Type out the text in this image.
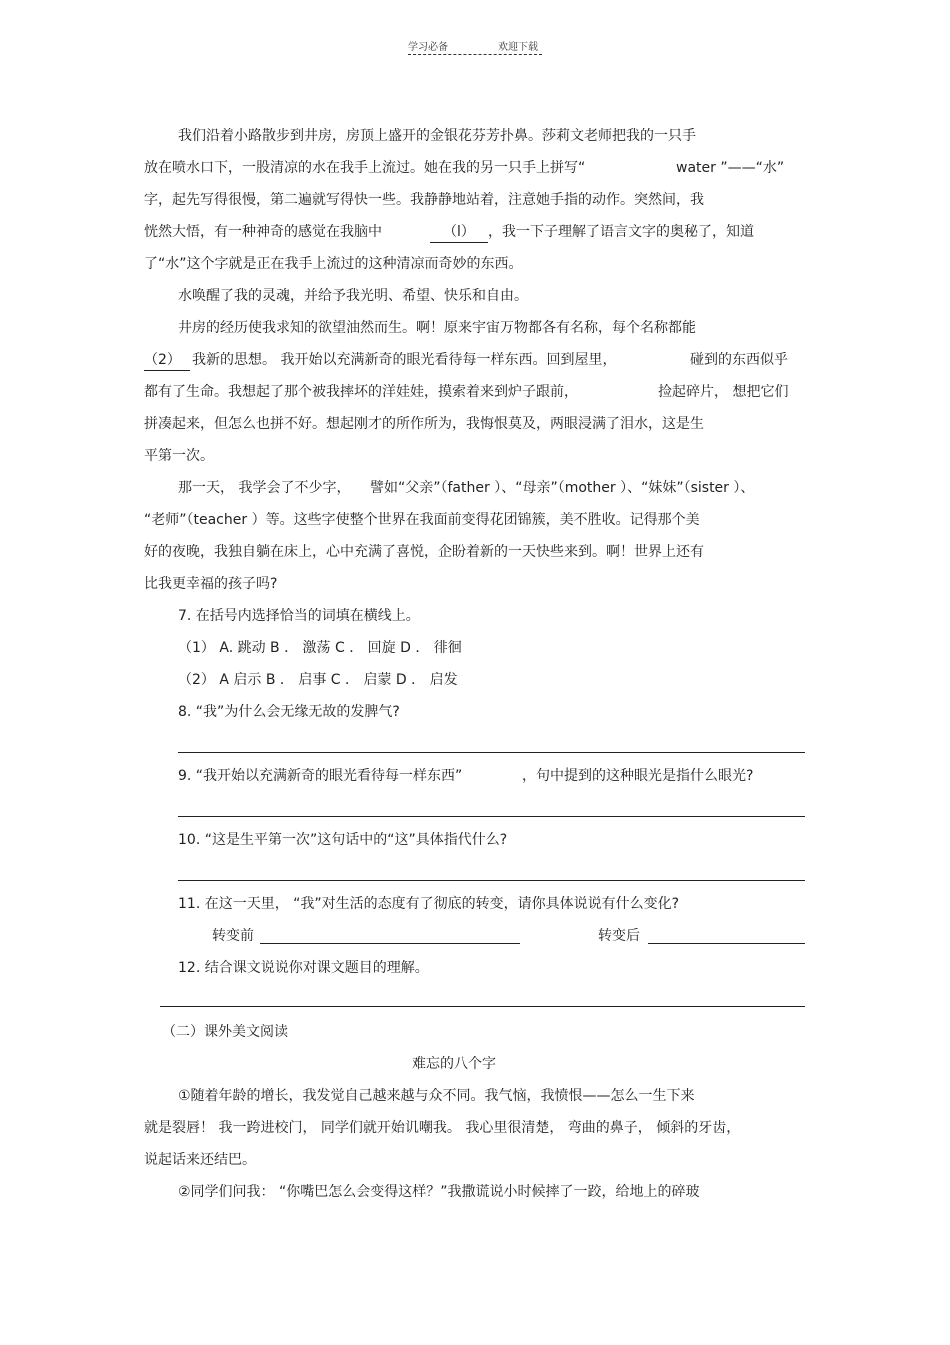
学习必备	欢迎下载
我们沿着小路散步到井房，房顶上盛开的金银花芬芳扑鼻。莎莉文老师把我的一只手
放在喷水口下，一股清凉的水在我手上流过。她在我的另一只手上拼写“	water ”——“水”
字，起先写得很慢，第二遍就写得快一些。我静静地站着，注意她手指的动作。突然间，我
恍然大悟，有一种神奇的感觉在我脑中	（l） ，我一下子理解了语言文字的奥秘了，知道
了“水”这个字就是正在我手上流过的这种清凉而奇妙的东西。
水唤醒了我的灵魂，并给予我光明、希望、快乐和自由。
井房的经历使我求知的欲望油然而生。啊！原来宇宙万物都各有名称，每个名称都能
（2） 我新的思想。 我开始以充满新奇的眼光看待每一样东西。回到屋里，	碰到的东西似乎
都有了生命。我想起了那个被我摔坏的洋娃娃，摸索着来到炉子跟前，	捡起碎片， 想把它们
拼凑起来，但怎么也拼不好。想起刚才的所作所为，我悔恨莫及，两眼浸满了泪水，这是生
平第一次。
那一天， 我学会了不少字， 譬如“父亲”（father ）、“母亲”（mother ）、“妹妹”（sister ）、
“老师”（teacher ）等。这些字使整个世界在我面前变得花团锦簇，美不胜收。记得那个美
好的夜晚，我独自躺在床上，心中充满了喜悦，企盼着新的一天快些来到。啊！世界上还有
比我更幸福的孩子吗?
7. 在括号内选择恰当的词填在横线上。
（1） A. 跳动 B ． 激荡 C ． 回旋 D ． 徘徊
（2） A 启示 B ． 启事 C ． 启蒙 D ． 启发
8. “我”为什么会无缘无故的发脾气?
9. “我开始以充满新奇的眼光看待每一样东西”	，句中提到的这种眼光是指什么眼光?
10. “这是生平第一次”这句话中的“这”具体指代什么?
11. 在这一天里， “我”对生活的态度有了彻底的转变，请你具体说说有什么变化?
转变前	转变后
12. 结合课文说说你对课文题目的理解。
（二）课外美文阅读
难忘的八个字
①随着年龄的增长，我发觉自己越来越与众不同。我气恼，我愤恨——怎么一生下来
就是裂唇！ 我一跨进校门， 同学们就开始讥嘲我。 我心里很清楚， 弯曲的鼻子， 倾斜的牙齿，
说起话来还结巴。
②同学们问我： “你嘴巴怎么会变得这样？”我撒谎说小时候摔了一跤，给地上的碎玻
